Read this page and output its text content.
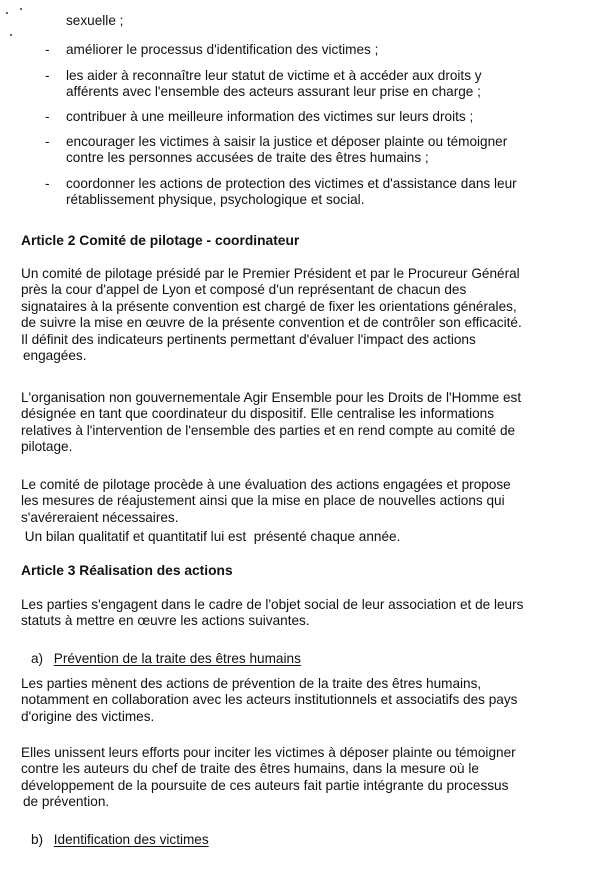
sexuelle ;
- améliorer le processus d'identification des victimes ;
- les aider à reconnaître leur statut de victime et à accéder aux droits y
afférents avec l'ensemble des acteurs assurant leur prise en charge ;
- contribuer à une meilleure information des victimes sur leurs droits ;
- encourager les victimes à saisir la justice et déposer plainte ou témoigner
contre les personnes accusées de traite des êtres humains ;
- coordonner les actions de protection des victimes et d'assistance dans leur
rétablissement physique, psychologique et social.
Article 2 Comité de pilotage - coordinateur
Un comité de pilotage présidé par le Premier Président et par le Procureur Général
près la cour d'appel de Lyon et composé d'un représentant de chacun des
signataires à la présente convention est chargé de fixer les orientations générales,
de suivre la mise en œuvre de la présente convention et de contrôler son efficacité.
Il définit des indicateurs pertinents permettant d'évaluer l'impact des actions
engagées.
L'organisation non gouvernementale Agir Ensemble pour les Droits de l'Homme est
désignée en tant que coordinateur du dispositif. Elle centralise les informations
relatives à l'intervention de l'ensemble des parties et en rend compte au comité de
pilotage.
Le comité de pilotage procède à une évaluation des actions engagées et propose
les mesures de réajustement ainsi que la mise en place de nouvelles actions qui
s'avéreraient nécessaires.
Un bilan qualitatif et quantitatif lui est  présenté chaque année.
Article 3 Réalisation des actions
Les parties s'engagent dans le cadre de l'objet social de leur association et de leurs
statuts à mettre en œuvre les actions suivantes.
a) Prévention de la traite des êtres humains
Les parties mènent des actions de prévention de la traite des êtres humains,
notamment en collaboration avec les acteurs institutionnels et associatifs des pays
d'origine des victimes.
Elles unissent leurs efforts pour inciter les victimes à déposer plainte ou témoigner
contre les auteurs du chef de traite des êtres humains, dans la mesure où le
développement de la poursuite de ces auteurs fait partie intégrante du processus
de prévention.
b) Identification des victimes
